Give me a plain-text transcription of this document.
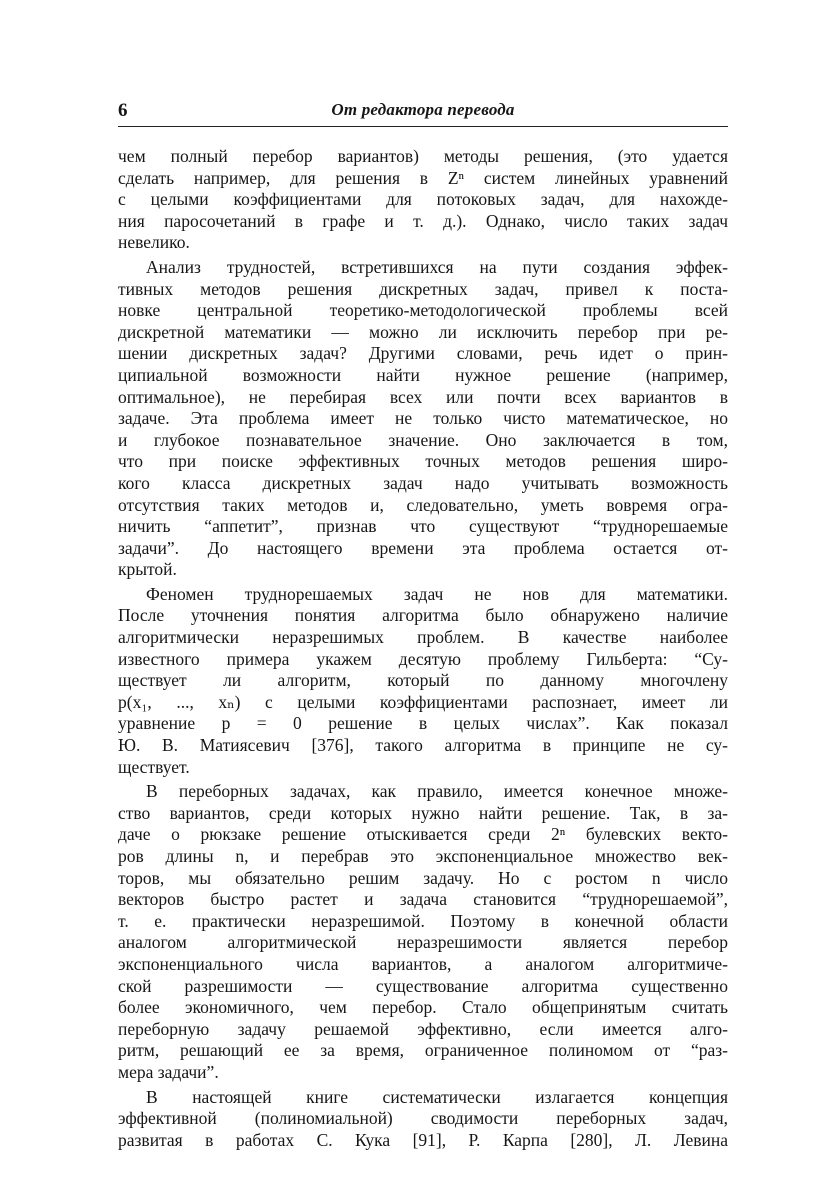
6	От редактора перевода
чем полный перебор вариантов) методы решения, (это удается
сделать например, для решения в Zⁿ систем линейных уравнений
с целыми коэффициентами для потоковых задач, для нахожде-
ния паросочетаний в графе и т. д.). Однако, число таких задач
невелико.
Анализ трудностей, встретившихся на пути создания эффек-
тивных методов решения дискретных задач, привел к поста-
новке центральной теоретико-методологической проблемы всей
дискретной математики — можно ли исключить перебор при ре-
шении дискретных задач? Другими словами, речь идет о прин-
ципиальной возможности найти нужное решение (например,
оптимальное), не перебирая всех или почти всех вариантов в
задаче. Эта проблема имеет не только чисто математическое, но
и глубокое познавательное значение. Оно заключается в том,
что при поиске эффективных точных методов решения широ-
кого класса дискретных задач надо учитывать возможность
отсутствия таких методов и, следовательно, уметь вовремя огра-
ничить “аппетит”, признав что существуют “труднорешаемые
задачи”. До настоящего времени эта проблема остается от-
крытой.
Феномен труднорешаемых задач не нов для математики.
После уточнения понятия алгоритма было обнаружено наличие
алгоритмически неразрешимых проблем. В качестве наиболее
известного примера укажем десятую проблему Гильберта: “Су-
ществует ли алгоритм, который по данному многочлену
p(x₁, ..., xₙ) с целыми коэффициентами распознает, имеет ли
уравнение p = 0 решение в целых числах”. Как показал
Ю. В. Матиясевич [376], такого алгоритма в принципе не су-
ществует.
В переборных задачах, как правило, имеется конечное множе-
ство вариантов, среди которых нужно найти решение. Так, в за-
даче о рюкзаке решение отыскивается среди 2ⁿ булевских векто-
ров длины n, и перебрав это экспоненциальное множество век-
торов, мы обязательно решим задачу. Но с ростом n число
векторов быстро растет и задача становится “труднорешаемой”,
т. е. практически неразрешимой. Поэтому в конечной области
аналогом алгоритмической неразрешимости является перебор
экспоненциального числа вариантов, а аналогом алгоритмиче-
ской разрешимости — существование алгоритма существенно
более экономичного, чем перебор. Стало общепринятым считать
переборную задачу решаемой эффективно, если имеется алго-
ритм, решающий ее за время, ограниченное полиномом от “раз-
мера задачи”.
В настоящей книге систематически излагается концепция
эффективной (полиномиальной) сводимости переборных задач,
развитая в работах С. Кука [91], Р. Карпа [280], Л. Левина
